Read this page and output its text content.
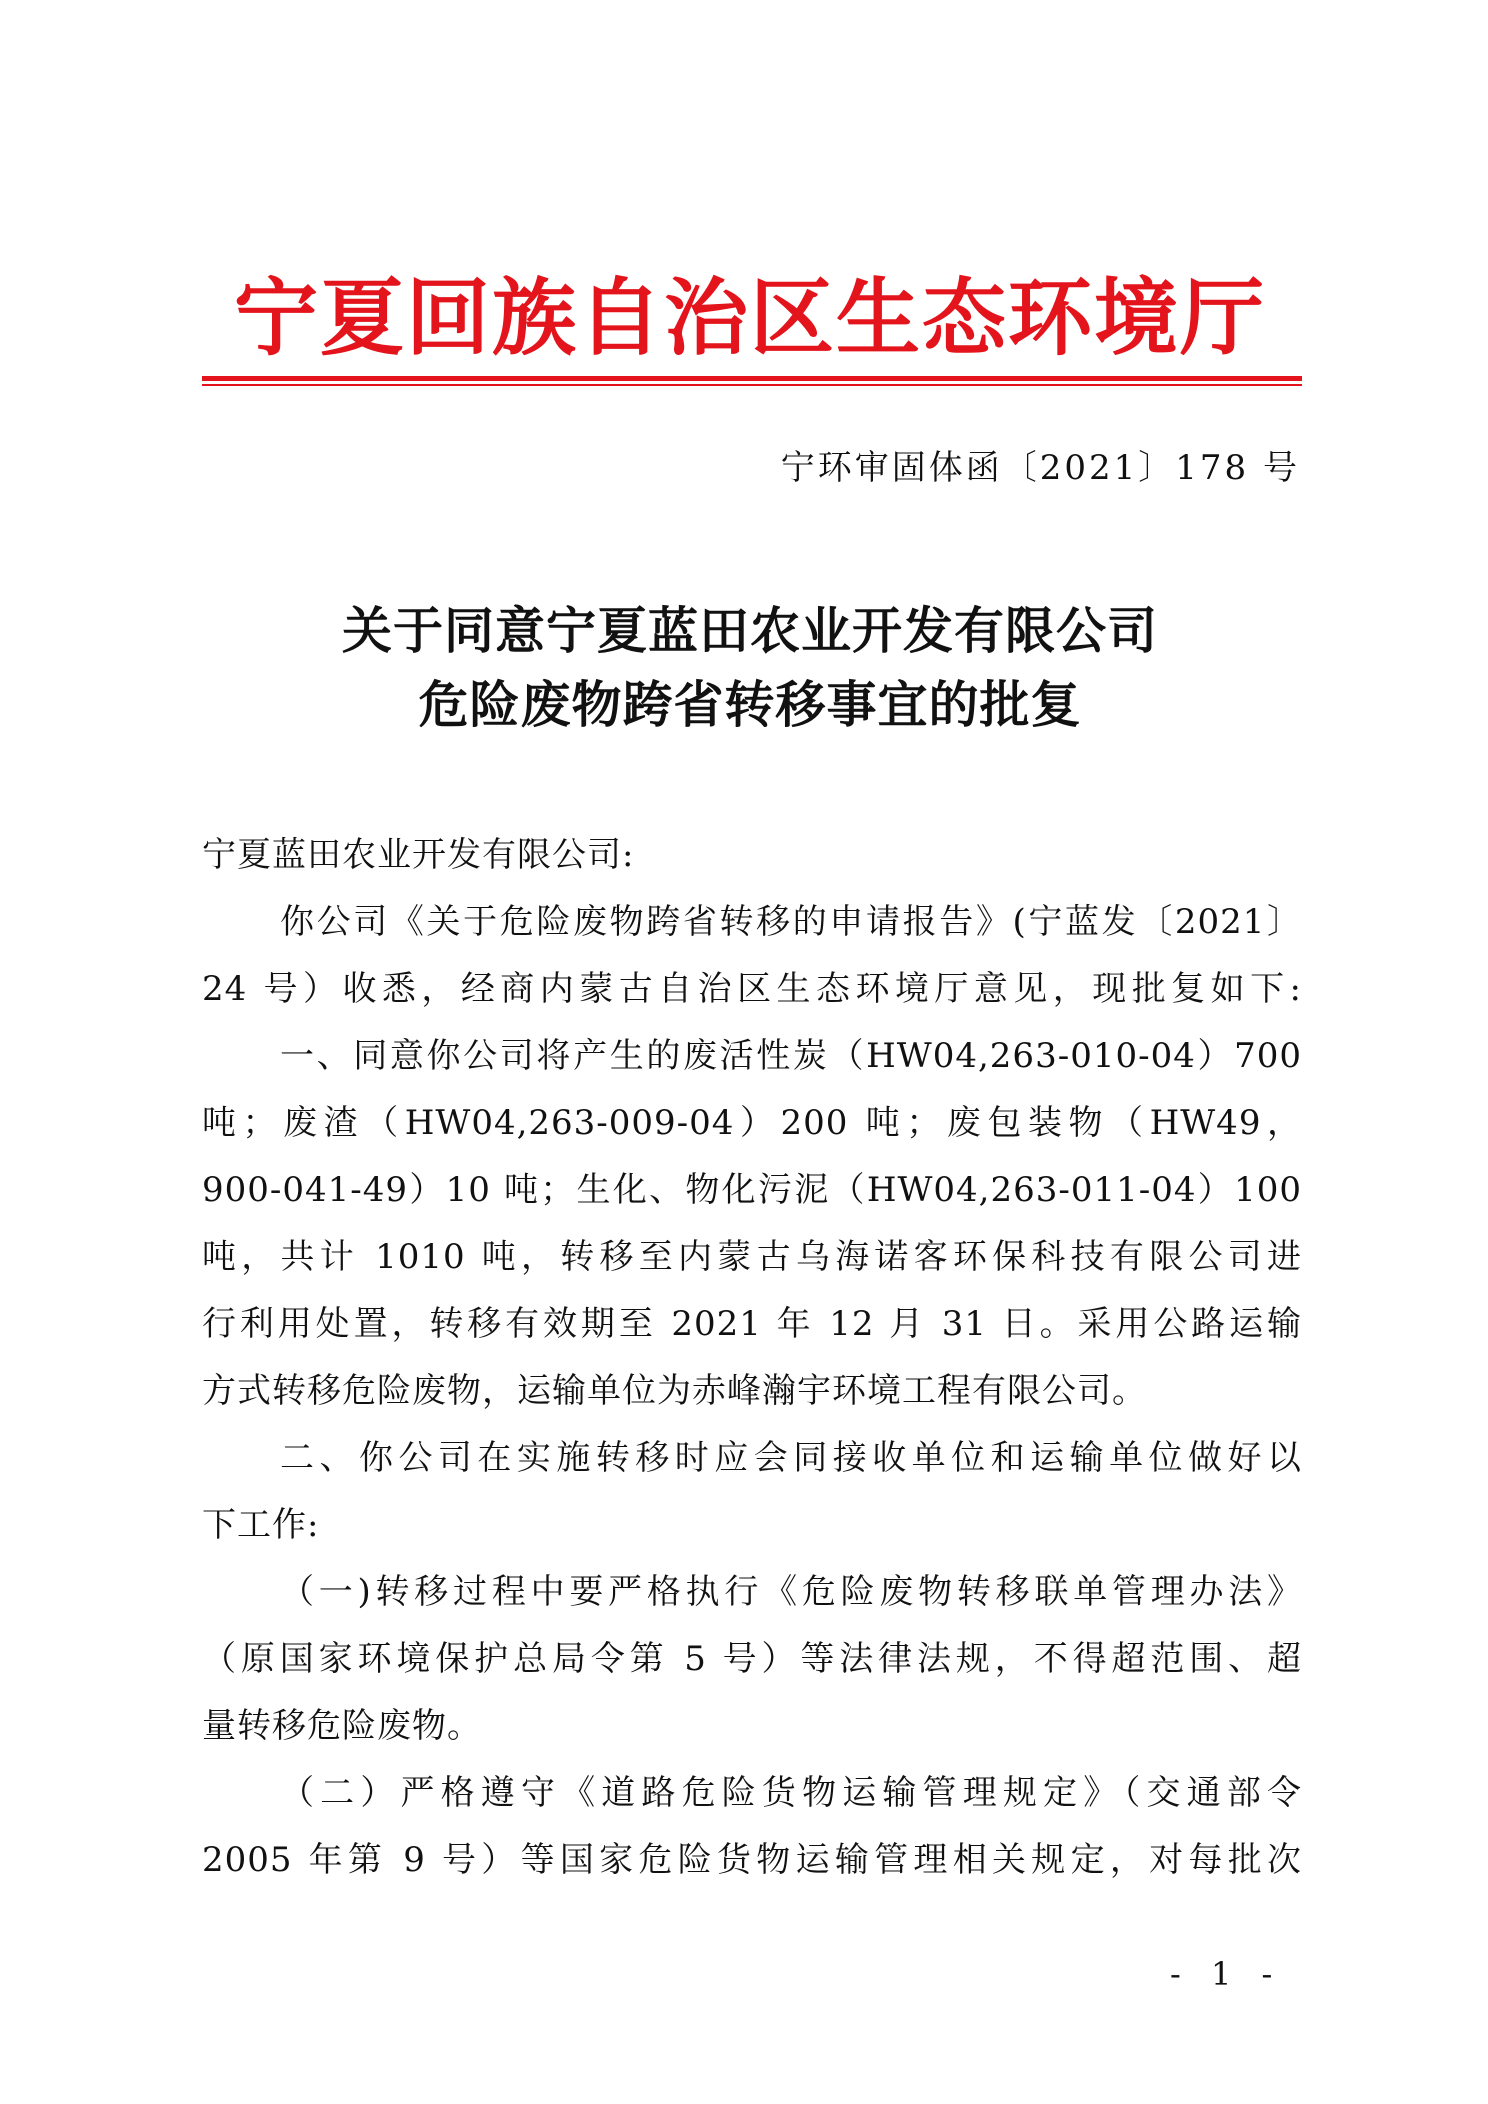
宁夏回族自治区生态环境厅
宁环审固体函〔2021〕178 号
关于同意宁夏蓝田农业开发有限公司
危险废物跨省转移事宜的批复
宁夏蓝田农业开发有限公司:
你公司《关于危险废物跨省转移的申请报告》(宁蓝发〔2021〕
24 号）收悉，经商内蒙古自治区生态环境厅意见，现批复如下:
一、同意你公司将产生的废活性炭（HW04,263-010-04）700
吨；废渣（HW04,263-009-04）200 吨；废包装物（HW49，
900-041-49）10 吨；生化、物化污泥（HW04,263-011-04）100
吨，共计 1010 吨，转移至内蒙古乌海诺客环保科技有限公司进
行利用处置，转移有效期至 2021 年 12 月 31 日。采用公路运输
方式转移危险废物，运输单位为赤峰瀚宇环境工程有限公司。
二、你公司在实施转移时应会同接收单位和运输单位做好以
下工作:
（一)转移过程中要严格执行《危险废物转移联单管理办法》
（原国家环境保护总局令第 5 号）等法律法规，不得超范围、超
量转移危险废物。
（二）严格遵守《道路危险货物运输管理规定》（交通部令
2005 年第 9 号）等国家危险货物运输管理相关规定，对每批次
- 1 -
